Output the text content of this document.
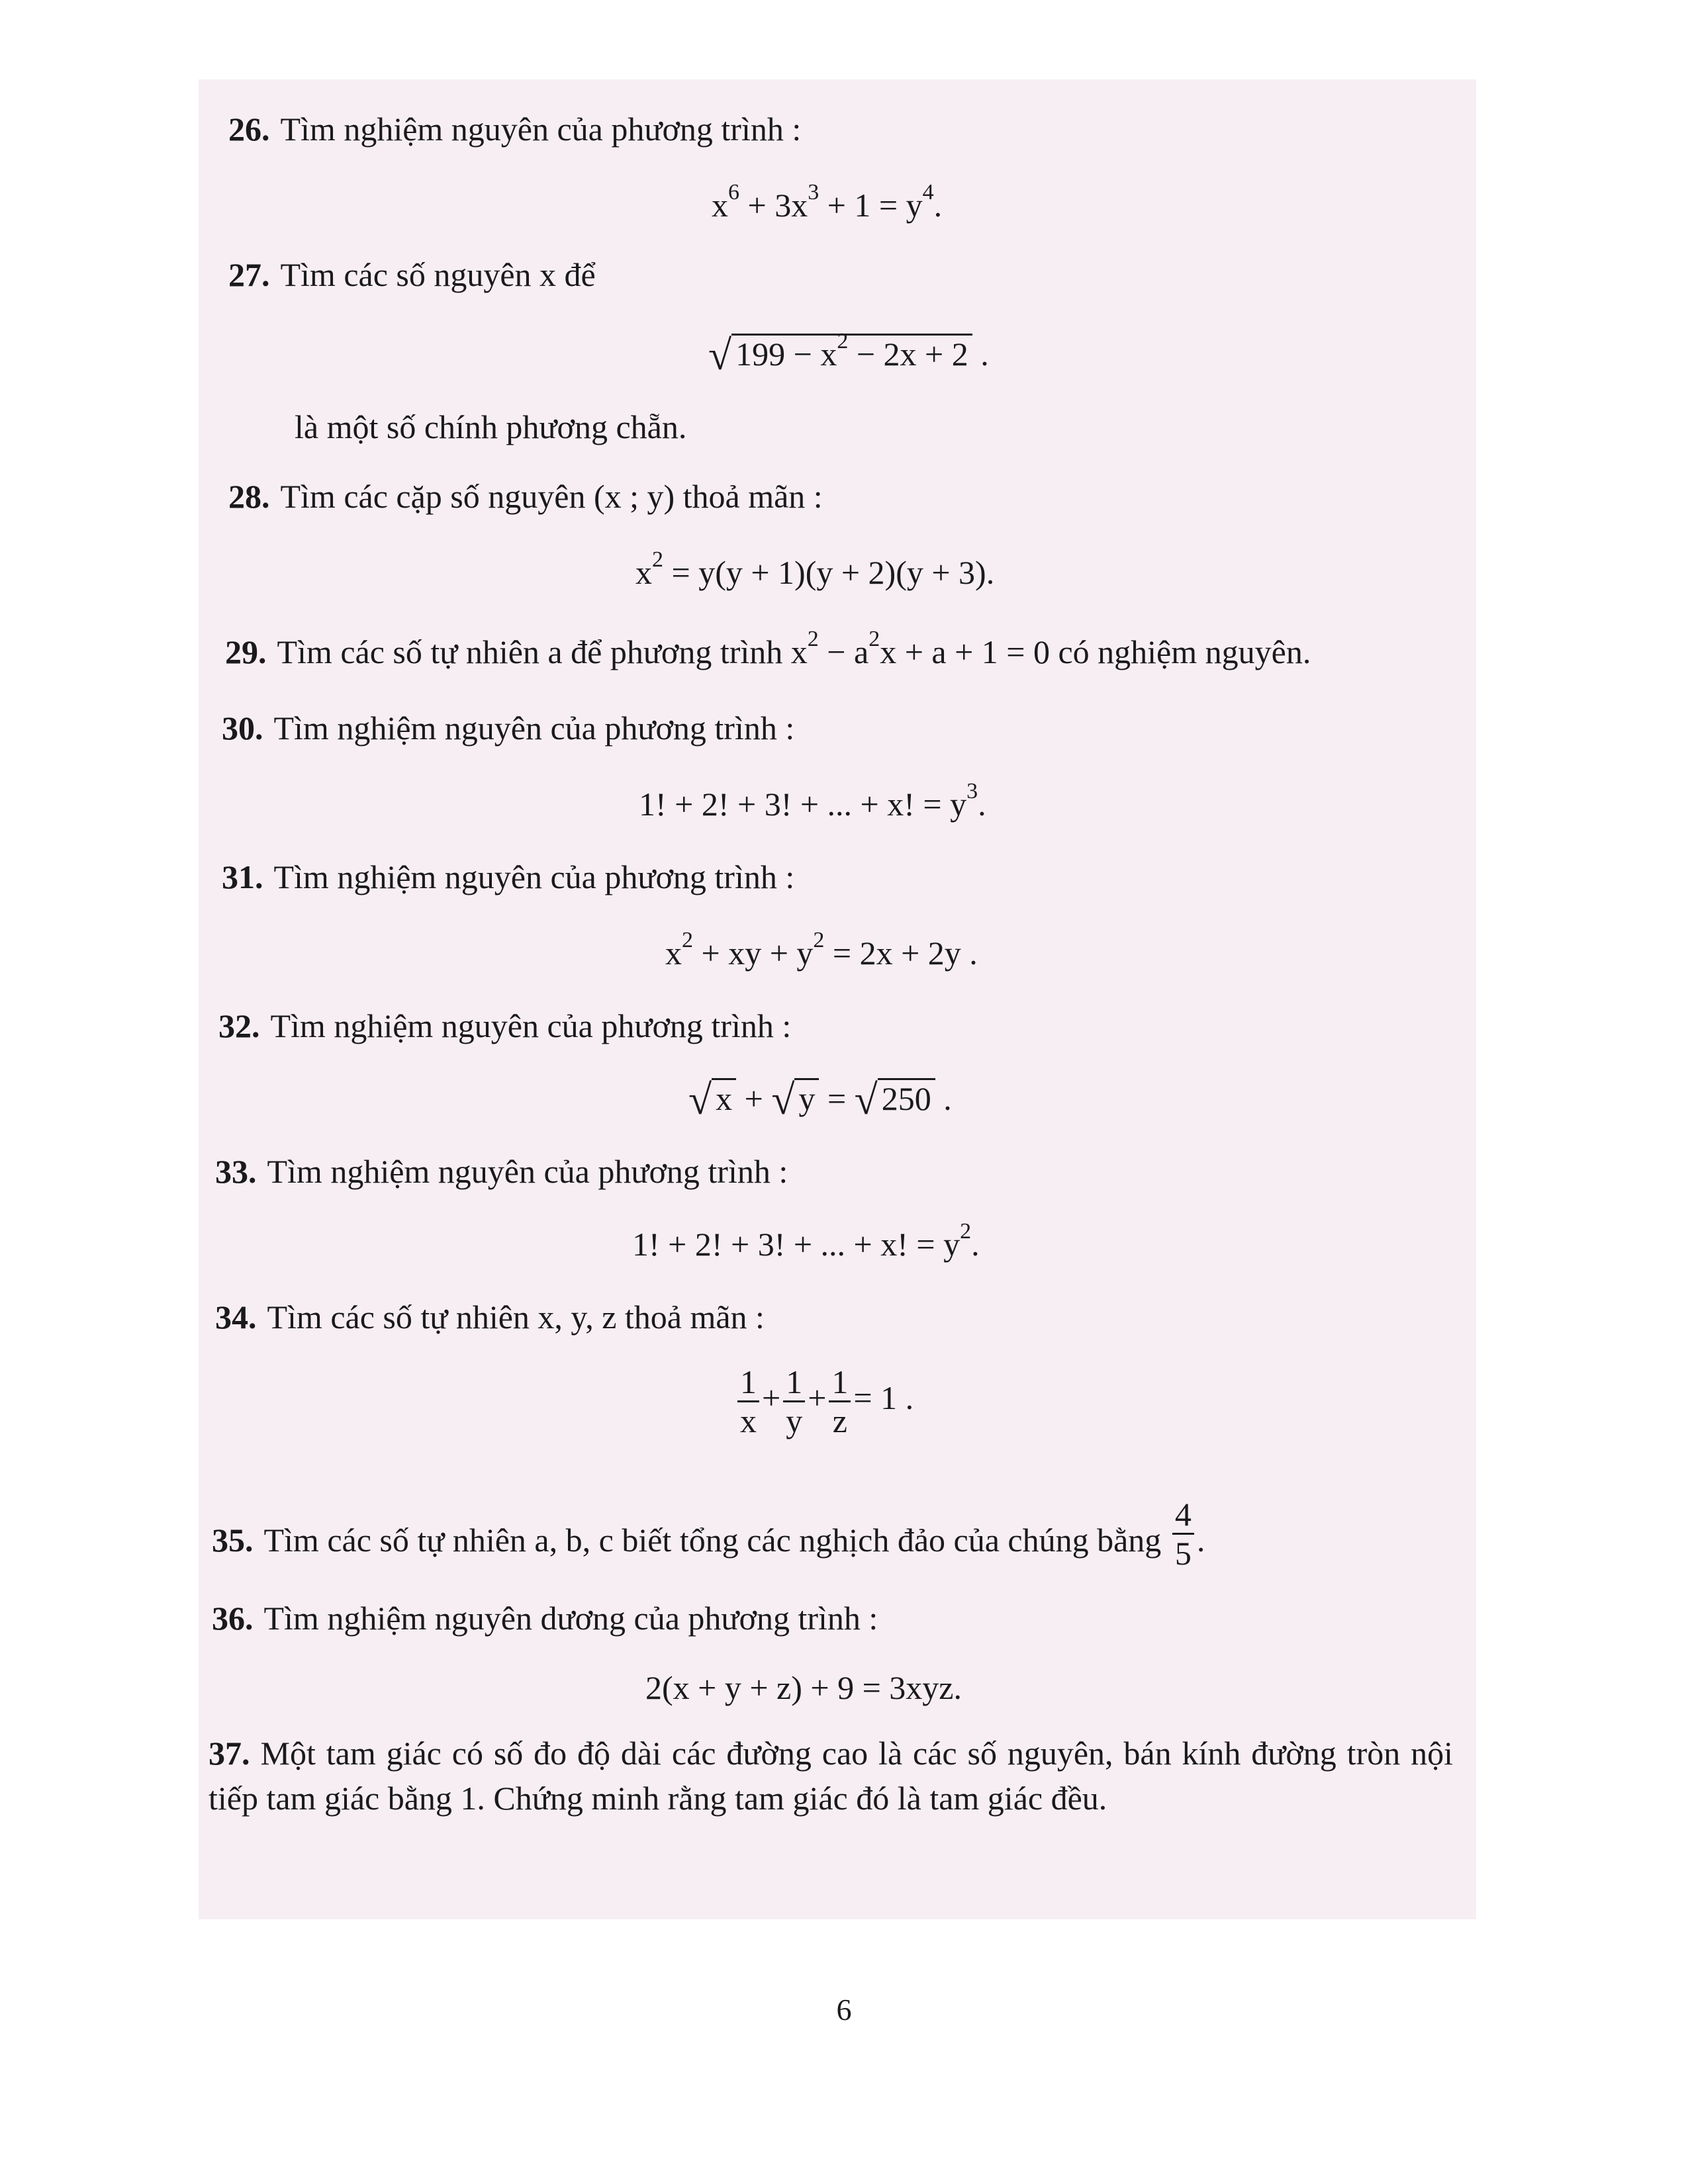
26. Tìm nghiệm nguyên của phương trình :
$x^6 + 3x^3 + 1 = y^4$.
27. Tìm các số nguyên x để
√ $199 - x^2 - 2x + 2$ .
là một số chính phương chẵn.
28. Tìm các cặp số nguyên (x ; y) thoả mãn :
$x^2 = y(y + 1)(y + 2)(y + 3)$.
29. Tìm các số tự nhiên a để phương trình $x^2 - a^2x + a + 1 = 0$ có nghiệm nguyên.
30. Tìm nghiệm nguyên của phương trình :
1! + 2! + 3! + ... + x! = $y^3$.
31. Tìm nghiệm nguyên của phương trình :
$x^2$ + xy + $y^2 = 2x + 2y$ .
32. Tìm nghiệm nguyên của phương trình :
√ x + √ y = √ 250 .
33. Tìm nghiệm nguyên của phương trình :
1! + 2! + 3! + ... + x! = $y^2$.
34. Tìm các số tự nhiên x, y, z thoả mãn :
$\frac{1}{x} + \frac{1}{y} + \frac{1}{z} = 1$ .
35. Tìm các số tự nhiên a, b, c biết tổng các nghịch đảo của chúng bằng $\frac{4}{5}$ .
36. Tìm nghiệm nguyên dương của phương trình :
2(x + y + z) + 9 = 3xyz.
37. Một tam giác có số đo độ dài các đường cao là các số nguyên, bán kính đường tròn nội tiếp tam giác bằng 1. Chứng minh rằng tam giác đó là tam giác đều.
6
